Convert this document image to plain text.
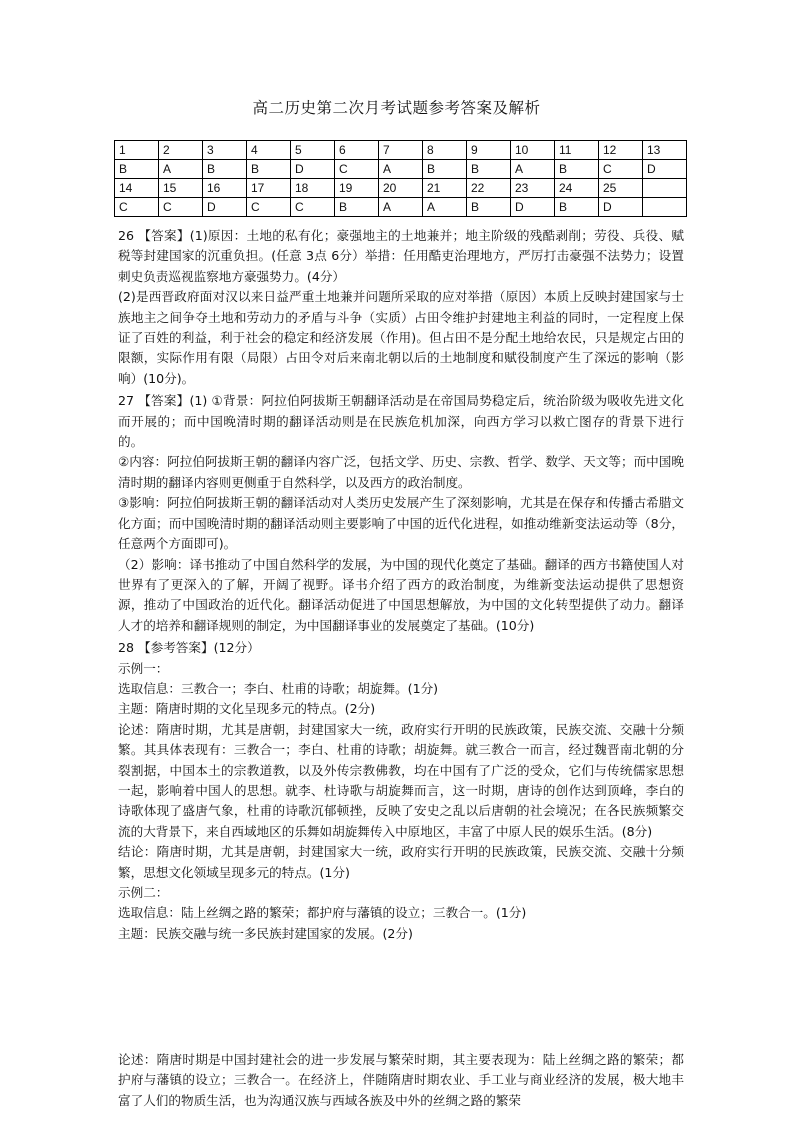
高二历史第二次月考试题参考答案及解析
1	2	3	4	5	6	7	8	9	10	11	12	13
B	A	B	B	D	C	A	B	B	A	B	C	D
14	15	16	17	18	19	20	21	22	23	24	25	
C	C	D	C	C	B	A	A	B	D	B	D	

26 【答案】(1)原因：土地的私有化；豪强地主的土地兼并；地主阶级的残酷剥削；劳役、兵役、赋税等封建国家的沉重负担。(任意 3点 6分）举措：任用酷吏治理地方，严厉打击豪强不法势力；设置刺史负责巡视监察地方豪强势力。(4分）

(2)是西晋政府面对汉以来日益严重土地兼并问题所采取的应对举措（原因）本质上反映封建国家与士族地主之间争夺土地和劳动力的矛盾与斗争（实质）占田令维护封建地主利益的同时，一定程度上保证了百姓的利益，利于社会的稳定和经济发展（作用)。但占田不是分配土地给农民，只是规定占田的限额，实际作用有限（局限）占田令对后来南北朝以后的土地制度和赋役制度产生了深远的影响（影响）(10分)。

27 【答案】(1) ①背景：阿拉伯阿拔斯王朝翻译活动是在帝国局势稳定后，统治阶级为吸收先进文化而开展的；而中国晚清时期的翻译活动则是在民族危机加深，向西方学习以救亡图存的背景下进行的。

②内容：阿拉伯阿拔斯王朝的翻译内容广泛，包括文学、历史、宗教、哲学、数学、天文等；而中国晚清时期的翻译内容则更侧重于自然科学，以及西方的政治制度。

③影响：阿拉伯阿拔斯王朝的翻译活动对人类历史发展产生了深刻影响，尤其是在保存和传播古希腊文化方面；而中国晚清时期的翻译活动则主要影响了中国的近代化进程，如推动维新变法运动等（8分，任意两个方面即可)。

（2）影响：译书推动了中国自然科学的发展，为中国的现代化奠定了基础。翻译的西方书籍使国人对世界有了更深入的了解，开阔了视野。译书介绍了西方的政治制度，为维新变法运动提供了思想资源，推动了中国政治的近代化。翻译活动促进了中国思想解放，为中国的文化转型提供了动力。翻译人才的培养和翻译规则的制定，为中国翻译事业的发展奠定了基础。(10分)

28 【参考答案】(12分）

示例一：

选取信息：三教合一；李白、杜甫的诗歌；胡旋舞。(1分)

主题：隋唐时期的文化呈现多元的特点。(2分)

论述：隋唐时期，尤其是唐朝，封建国家大一统，政府实行开明的民族政策，民族交流、交融十分频繁。其具体表现有：三教合一；李白、杜甫的诗歌；胡旋舞。就三教合一而言，经过魏晋南北朝的分裂割据，中国本土的宗教道教，以及外传宗教佛教，均在中国有了广泛的受众，它们与传统儒家思想一起，影响着中国人的思想。就李、杜诗歌与胡旋舞而言，这一时期，唐诗的创作达到顶峰，李白的诗歌体现了盛唐气象，杜甫的诗歌沉郁顿挫，反映了安史之乱以后唐朝的社会境况；在各民族频繁交流的大背景下，来自西域地区的乐舞如胡旋舞传入中原地区，丰富了中原人民的娱乐生活。(8分)

结论：隋唐时期，尤其是唐朝，封建国家大一统，政府实行开明的民族政策，民族交流、交融十分频繁，思想文化领域呈现多元的特点。(1分)

示例二：

选取信息：陆上丝绸之路的繁荣；都护府与藩镇的设立；三教合一。(1分)

主题：民族交融与统一多民族封建国家的发展。(2分)

论述：隋唐时期是中国封建社会的进一步发展与繁荣时期，其主要表现为：陆上丝绸之路的繁荣；都护府与藩镇的设立；三教合一。在经济上，伴随隋唐时期农业、手工业与商业经济的发展，极大地丰富了人们的物质生活，也为沟通汉族与西域各族及中外的丝绸之路的繁荣
